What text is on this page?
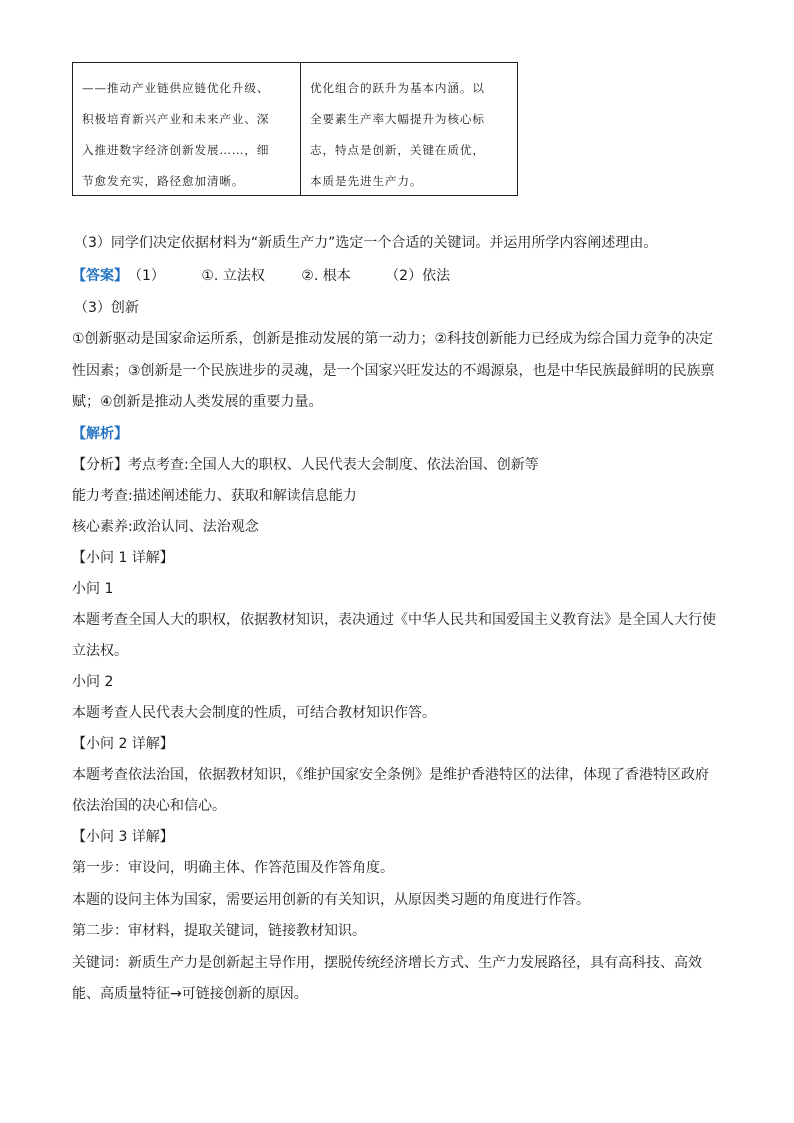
——推动产业链供应链优化升级、
积极培育新兴产业和未来产业、深
入推进数字经济创新发展……，细
节愈发充实，路径愈加清晰。
优化组合的跃升为基本内涵。以
全要素生产率大幅提升为核心标
志，特点是创新，关键在质优，
本质是先进生产力。
（3）同学们决定依据材料为“新质生产力”选定一个合适的关键词。并运用所学内容阐述理由。
【答案】（1）	①. 立法权	②. 根本 （2）依法
（3）创新
①创新驱动是国家命运所系，创新是推动发展的第一动力；②科技创新能力已经成为综合国力竞争的决定
性因素；③创新是一个民族进步的灵魂，是一个国家兴旺发达的不竭源泉，也是中华民族最鲜明的民族禀
赋；④创新是推动人类发展的重要力量。
【解析】
【分析】考点考查:全国人大的职权、人民代表大会制度、依法治国、创新等
能力考查:描述阐述能力、获取和解读信息能力
核心素养:政治认同、法治观念
【小问 1 详解】
小问 1
本题考查全国人大的职权，依据教材知识，表决通过《中华人民共和国爱国主义教育法》是全国人大行使
立法权。
小问 2
本题考查人民代表大会制度的性质，可结合教材知识作答。
【小问 2 详解】
本题考查依法治国，依据教材知识，《维护国家安全条例》是维护香港特区的法律，体现了香港特区政府
依法治国的决心和信心。
【小问 3 详解】
第一步：审设问，明确主体、作答范围及作答角度。
本题的设问主体为国家，需要运用创新的有关知识，从原因类习题的角度进行作答。
第二步：审材料，提取关键词，链接教材知识。
关键词：新质生产力是创新起主导作用，摆脱传统经济增长方式、生产力发展路径，具有高科技、高效
能、高质量特征→可链接创新的原因。
